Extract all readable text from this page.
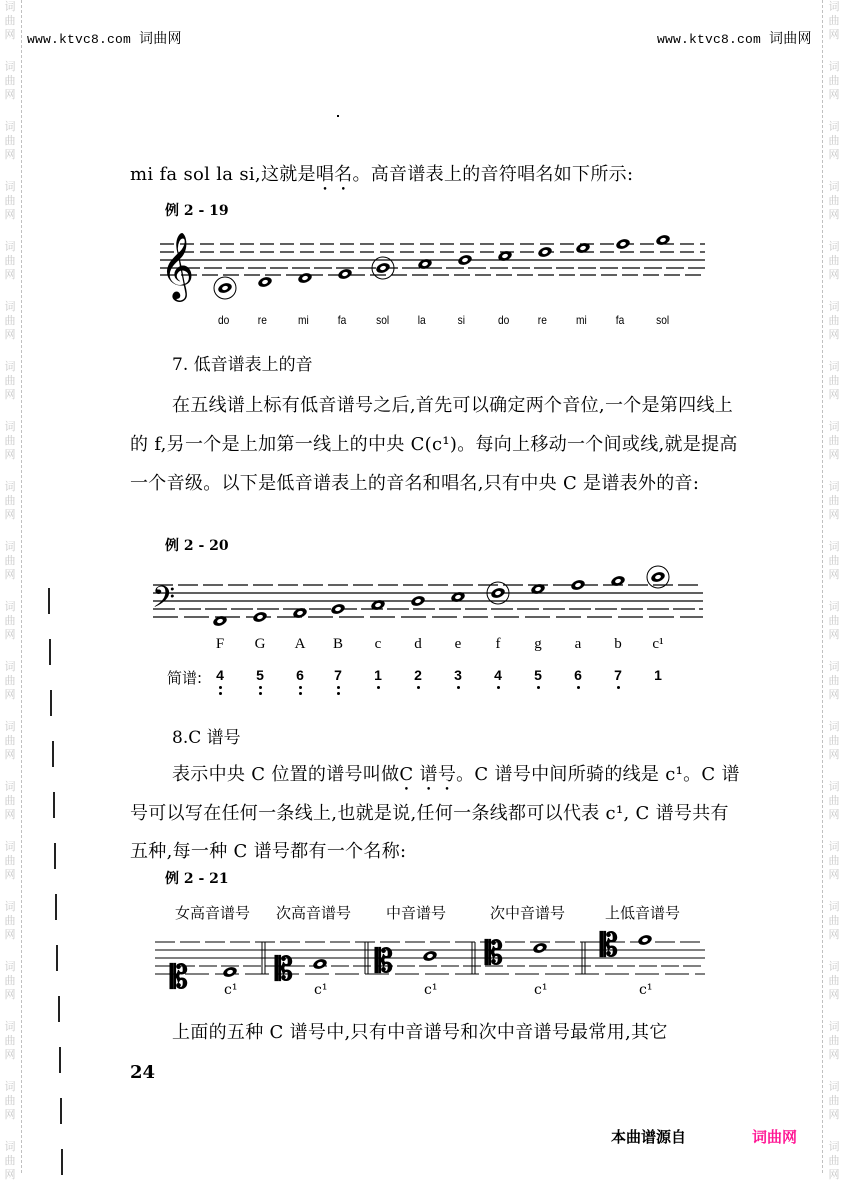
词
曲
网
词
曲
网
词
曲
网
词
曲
网
词
曲
网
词
曲
网
词
曲
网
词
曲
网
词
曲
网
词
曲
网
词
曲
网
词
曲
网
词
曲
网
词
曲
网
词
曲
网
词
曲
网
词
曲
网
词
曲
网
词
曲
网
词
曲
网
词
曲
网
词
曲
网
词
曲
网
词
曲
网
词
曲
网
词
曲
网
词
曲
网
词
曲
网
词
曲
网
词
曲
网
词
曲
网
词
曲
网
词
曲
网
词
曲
网
词
曲
网
词
曲
网
词
曲
网
词
曲
网
词
曲
网
词
曲
网
www.ktvc8.com 词曲网	www.ktvc8.com 词曲网
mi fa sol la si,这就是唱名。高音谱表上的音符唱名如下所示:
例 2 - 19
𝄞
do re	mi fa sol la	si	do re mi fa	sol
7. 低音谱表上的音
在五线谱上标有低音谱号之后,首先可以确定两个音位,一个是第四线上的 f,另一个是上加第一线上的中央 C(c¹)。每向上移动一个间或线,就是提高一个音级。以下是低音谱表上的音名和唱名,只有中央 C 是谱表外的音:
例 2 - 20
𝄢
F	G	A	B	c	d	e	f	g	a	b	c¹
简谱: 4 5 6 7 1 2 3 4 5 6 7 1
8.C 谱号
表示中央 C 位置的谱号叫做C 谱号。C 谱号中间所骑的线是 c¹。C 谱号可以写在任何一条线上,也就是说,任何一条线都可以代表 c¹, C 谱号共有五种,每一种 C 谱号都有一个名称:
例 2 - 21
女高音谱号 次高音谱号 中音谱号	次中音谱号	上低音谱号
𝄡	𝄡	𝄡	𝄡	𝄡
c¹	c¹	c¹	c¹	c¹
上面的五种 C 谱号中,只有中音谱号和次中音谱号最常用,其它
24
本曲谱源自	词曲网
